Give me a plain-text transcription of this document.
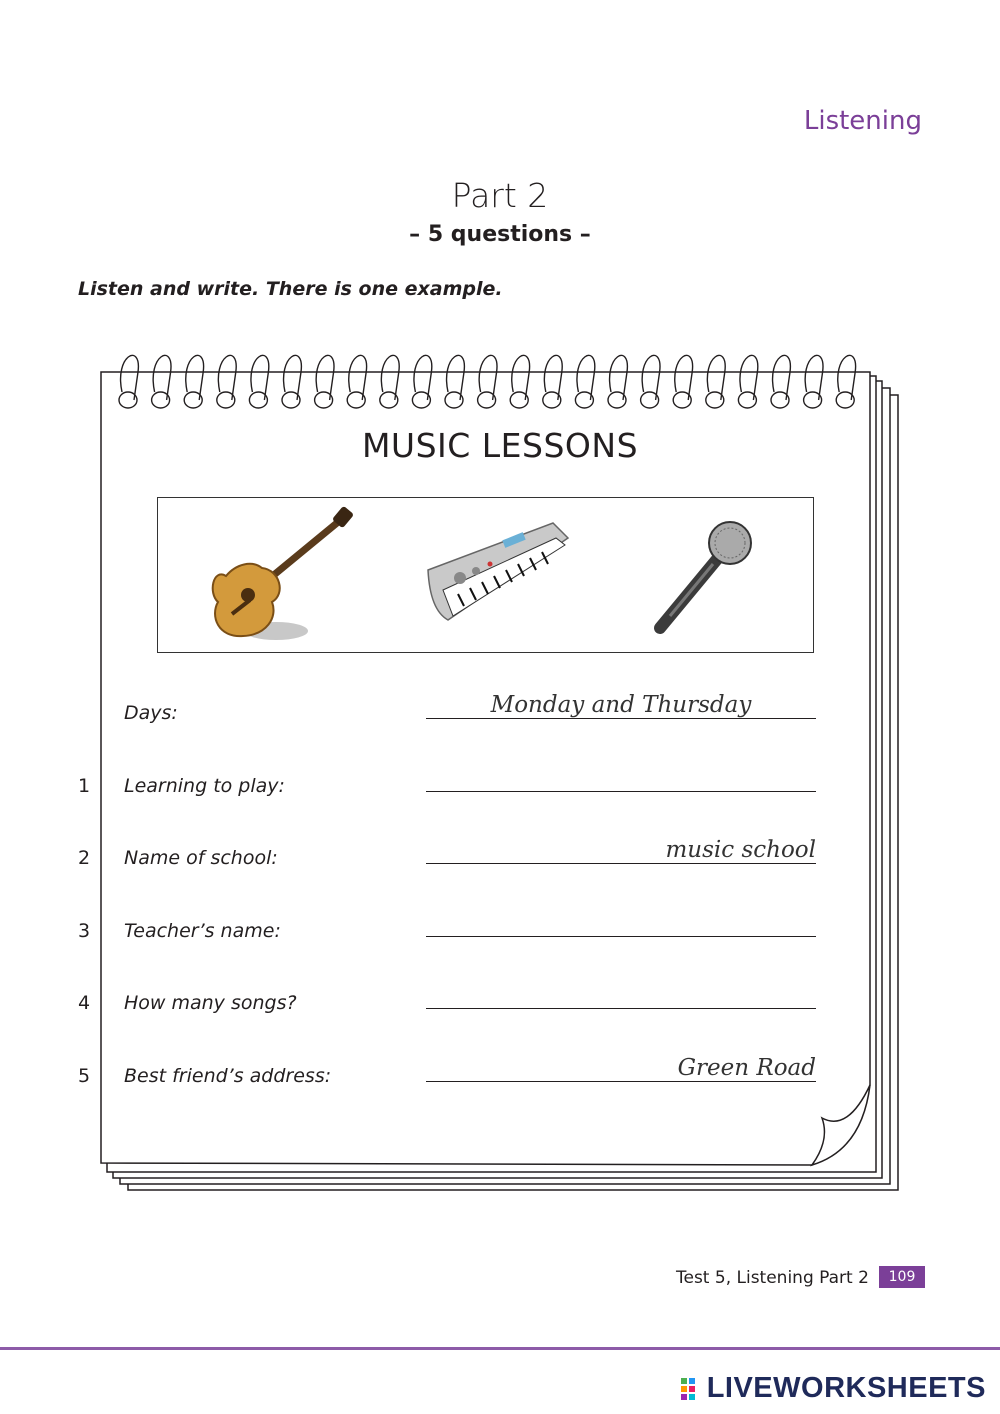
Listening
Part 2
– 5 questions –
Listen and write. There is one example.
MUSIC LESSONS
Days:	Monday and Thursday
1 Learning to play:
2 Name of school:	music school
3 Teacher’s name:
4 How many songs?
5 Best friend’s address:	Green Road
Test 5, Listening Part 2	109
LIVEWORKSHEETS
